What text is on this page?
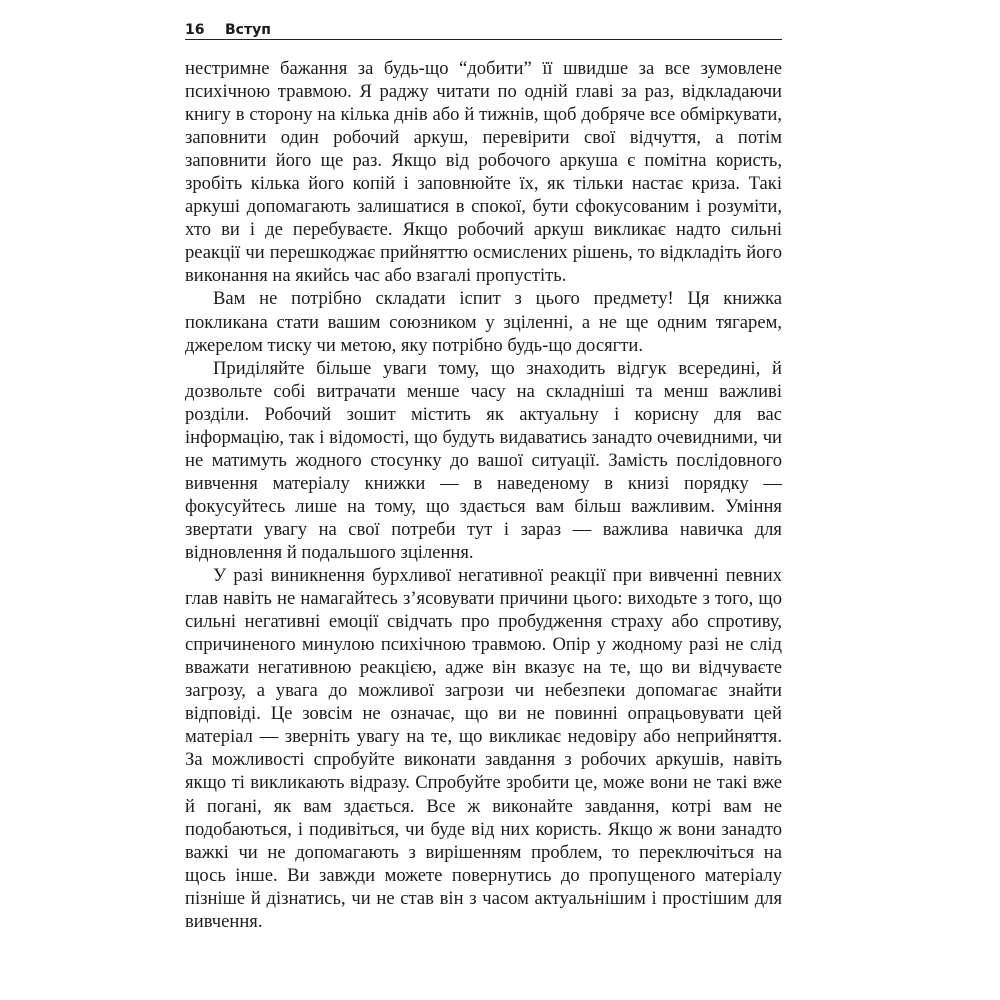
16	Вступ

нестримне бажання за будь-що “добити” її швидше за все зумовлене психічною травмою. Я раджу читати по одній главі за раз, відкладаючи книгу в сторону на кілька днів або й тижнів, щоб добряче все обміркувати, заповнити один робочий аркуш, перевірити свої відчуття, а потім заповнити його ще раз. Якщо від робочого аркуша є помітна користь, зробіть кілька його копій і заповнюйте їх, як тільки настає криза. Такі аркуші допомагають залишатися в спокої, бути сфокусованим і розуміти, хто ви і де перебуваєте. Якщо робочий аркуш викликає надто сильні реакції чи перешкоджає прийняттю осмислених рішень, то відкладіть його виконання на якийсь час або взагалі пропустіть.

Вам не потрібно складати іспит з цього предмету! Ця книжка покликана стати вашим союзником у зціленні, а не ще одним тягарем, джерелом тиску чи метою, яку потрібно будь-що досягти.

Приділяйте більше уваги тому, що знаходить відгук всередині, й дозвольте собі витрачати менше часу на складніші та менш важливі розділи. Робочий зошит містить як актуальну і корисну для вас інформацію, так і відомості, що будуть видаватись занадто очевидними, чи не матимуть жодного стосунку до вашої ситуації. Замість послідовного вивчення матеріалу книжки — в наведеному в книзі порядку — фокусуйтесь лише на тому, що здається вам більш важливим. Уміння звертати увагу на свої потреби тут і зараз — важлива навичка для відновлення й подальшого зцілення.

У разі виникнення бурхливої негативної реакції при вивченні певних глав навіть не намагайтесь з’ясовувати причини цього: виходьте з того, що сильні негативні емоції свідчать про пробудження страху або спротиву, спричиненого минулою психічною травмою. Опір у жодному разі не слід вважати негативною реакцією, адже він вказує на те, що ви відчуваєте загрозу, а увага до можливої загрози чи небезпеки допомагає знайти відповіді. Це зовсім не означає, що ви не повинні опрацьовувати цей матеріал — зверніть увагу на те, що викликає недовіру або неприйняття. За можливості спробуйте виконати завдання з робочих аркушів, навіть якщо ті викликають відразу. Спробуйте зробити це, може вони не такі вже й погані, як вам здається. Все ж виконайте завдання, котрі вам не подобаються, і подивіться, чи буде від них користь. Якщо ж вони занадто важкі чи не допомагають з вирішенням проблем, то переключіться на щось інше. Ви завжди можете повернутись до пропущеного матеріалу пізніше й дізнатись, чи не став він з часом актуальнішим і простішим для вивчення.
